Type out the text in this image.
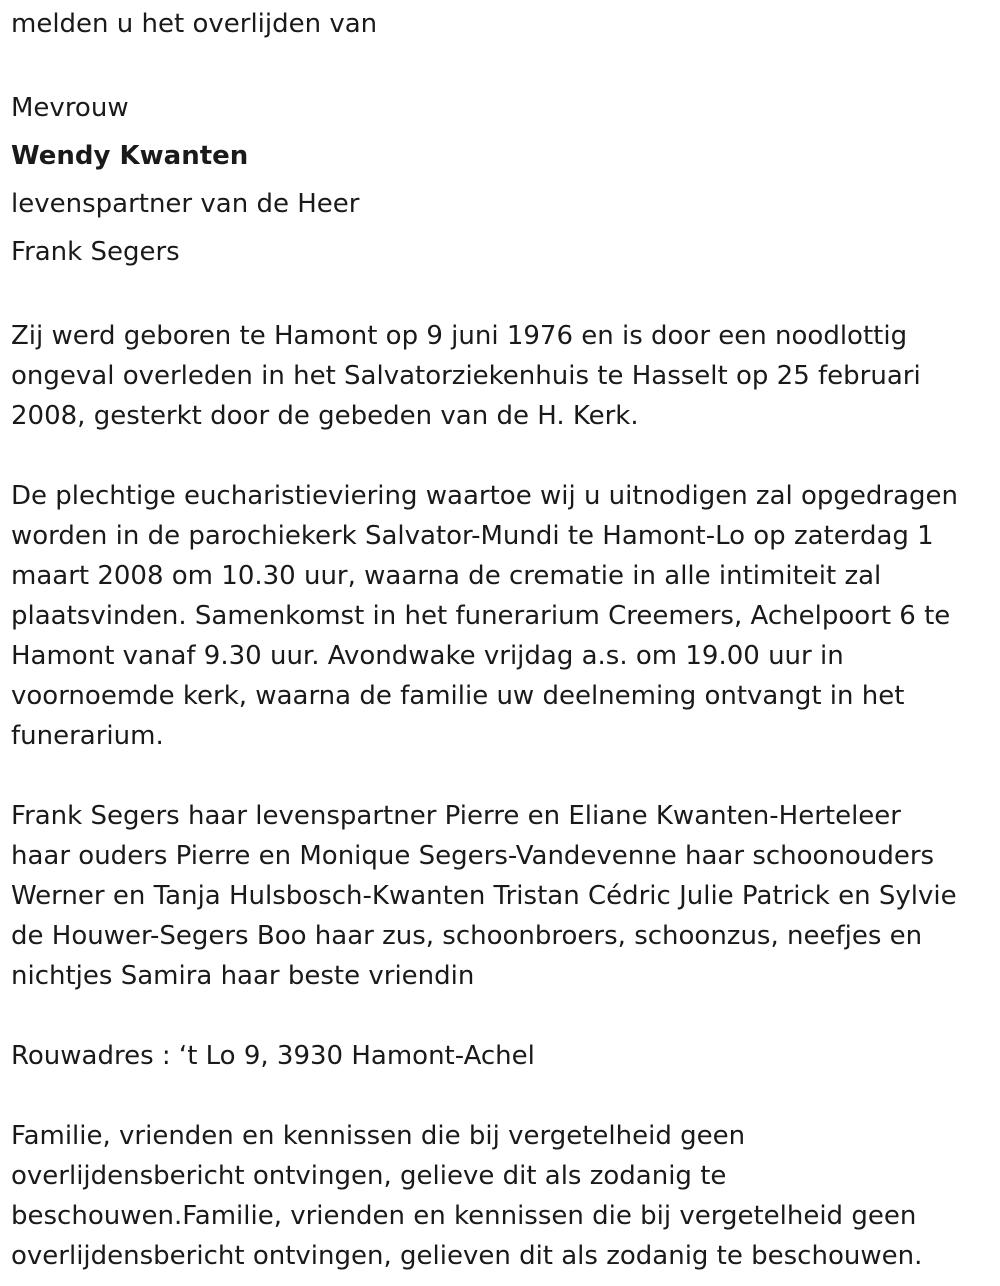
melden u het overlijden van

Mevrouw

Wendy Kwanten

levenspartner van de Heer

Frank Segers

Zij werd geboren te Hamont op 9 juni 1976 en is door een noodlottig

ongeval overleden in het Salvatorziekenhuis te Hasselt op 25 februari

2008, gesterkt door de gebeden van de H. Kerk.

De plechtige eucharistieviering waartoe wij u uitnodigen zal opgedragen

worden in de parochiekerk Salvator-Mundi te Hamont-Lo op zaterdag 1

maart 2008 om 10.30 uur, waarna de crematie in alle intimiteit zal

plaatsvinden. Samenkomst in het funerarium Creemers, Achelpoort 6 te

Hamont vanaf 9.30 uur. Avondwake vrijdag a.s. om 19.00 uur in

voornoemde kerk, waarna de familie uw deelneming ontvangt in het

funerarium.

Frank Segers haar levenspartner Pierre en Eliane Kwanten-Herteleer

haar ouders Pierre en Monique Segers-Vandevenne haar schoonouders

Werner en Tanja Hulsbosch-Kwanten Tristan Cédric Julie Patrick en Sylvie

de Houwer-Segers Boo haar zus, schoonbroers, schoonzus, neefjes en

nichtjes Samira haar beste vriendin

Rouwadres : ‘t Lo 9, 3930 Hamont-Achel

Familie, vrienden en kennissen die bij vergetelheid geen

overlijdensbericht ontvingen, gelieve dit als zodanig te

beschouwen.Familie, vrienden en kennissen die bij vergetelheid geen

overlijdensbericht ontvingen, gelieven dit als zodanig te beschouwen.
